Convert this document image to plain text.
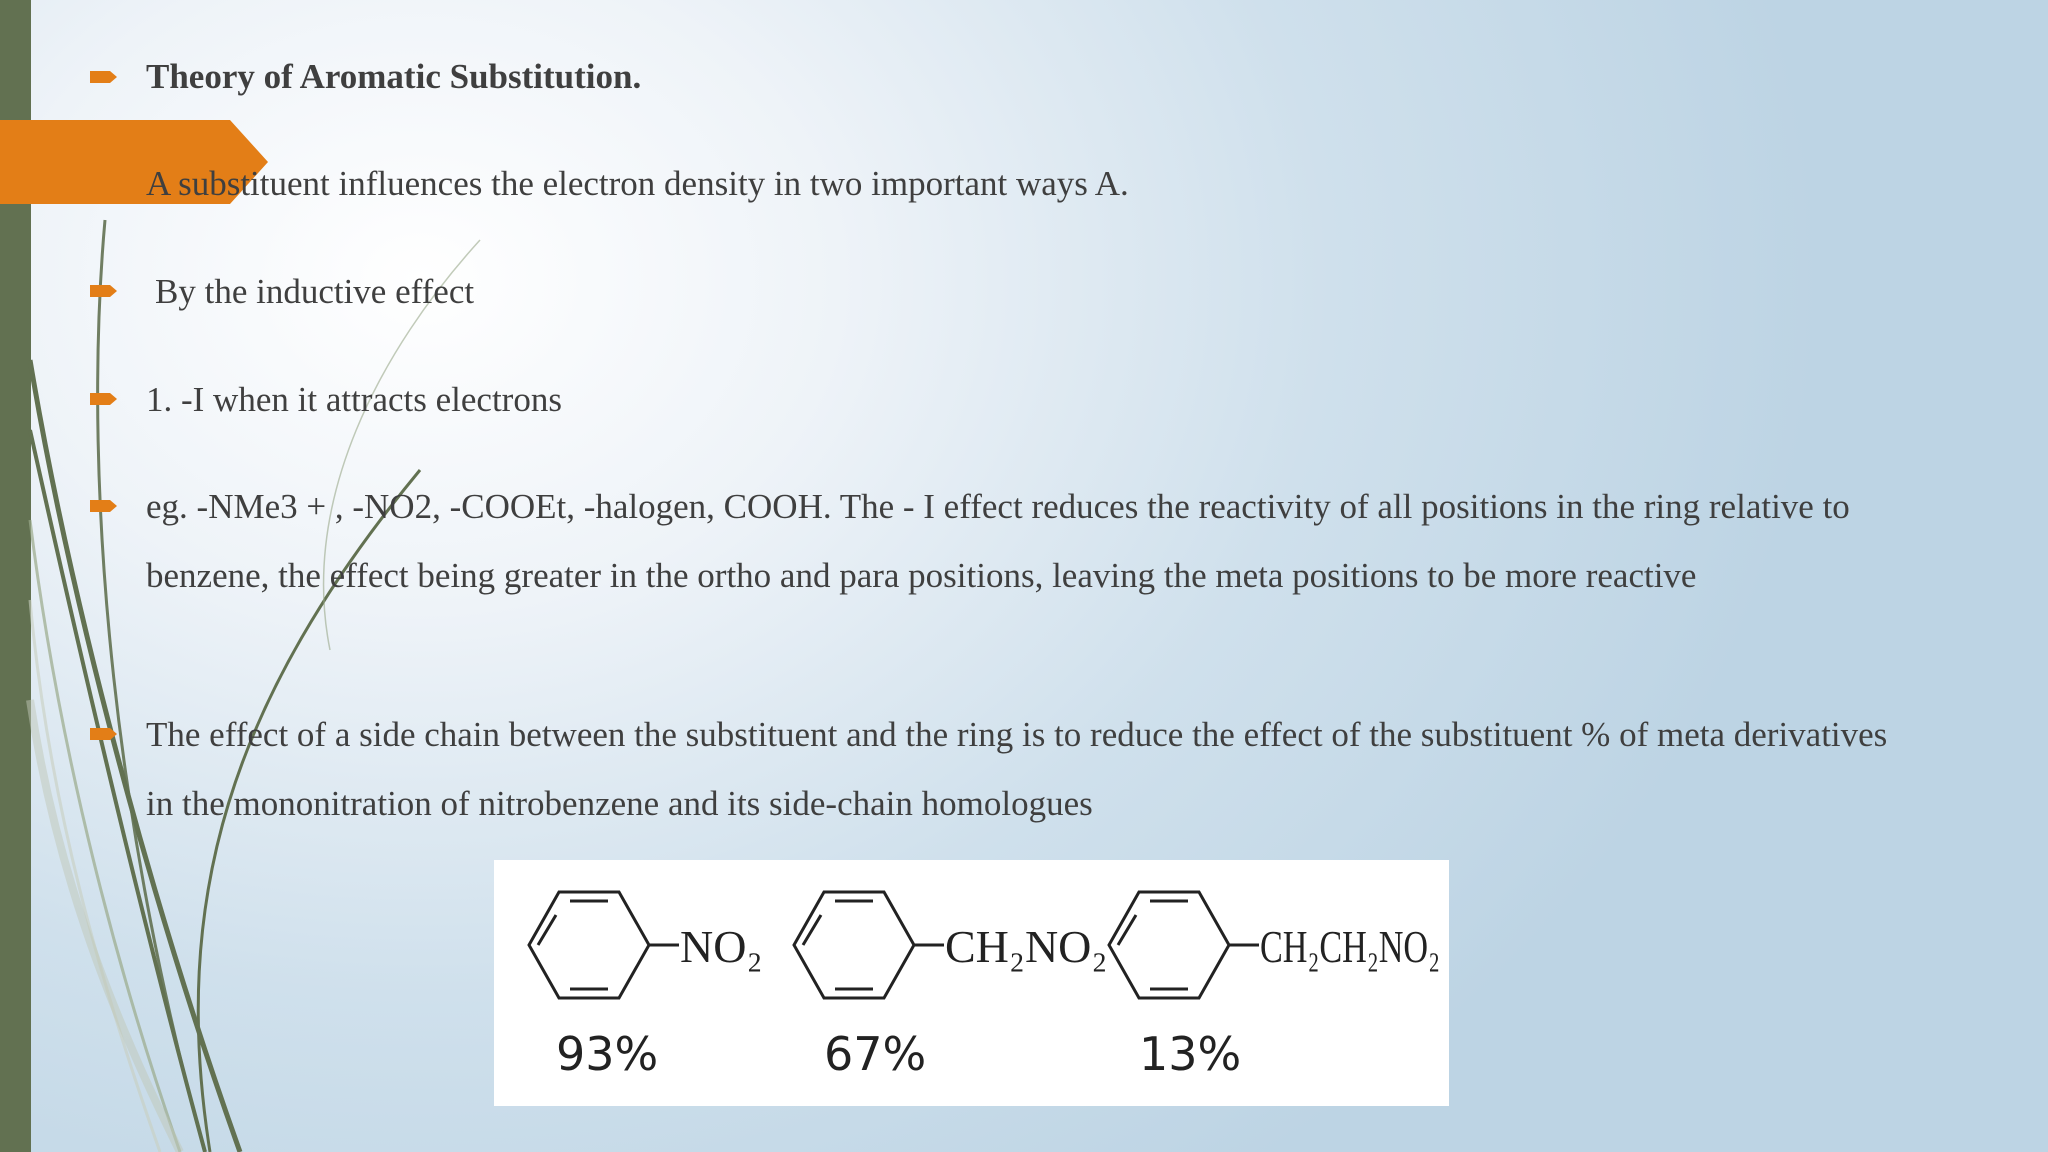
Theory of Aromatic Substitution.
A substituent influences the electron density in two important ways A.
By the inductive effect
1. -I when it attracts electrons
eg. -NMe3 + , -NO2, -COOEt, -halogen, COOH. The - I effect reduces the reactivity of all positions in the ring relative to benzene, the effect being greater in the ortho and para positions, leaving the meta positions to be more reactive
The effect of a side chain between the substituent and the ring is to reduce the effect of the substituent % of meta derivatives in the mononitration of nitrobenzene and its side-chain homologues
NO₂	CH₂NO₂	CH₂CH₂NO₂
93%	67%	13%
